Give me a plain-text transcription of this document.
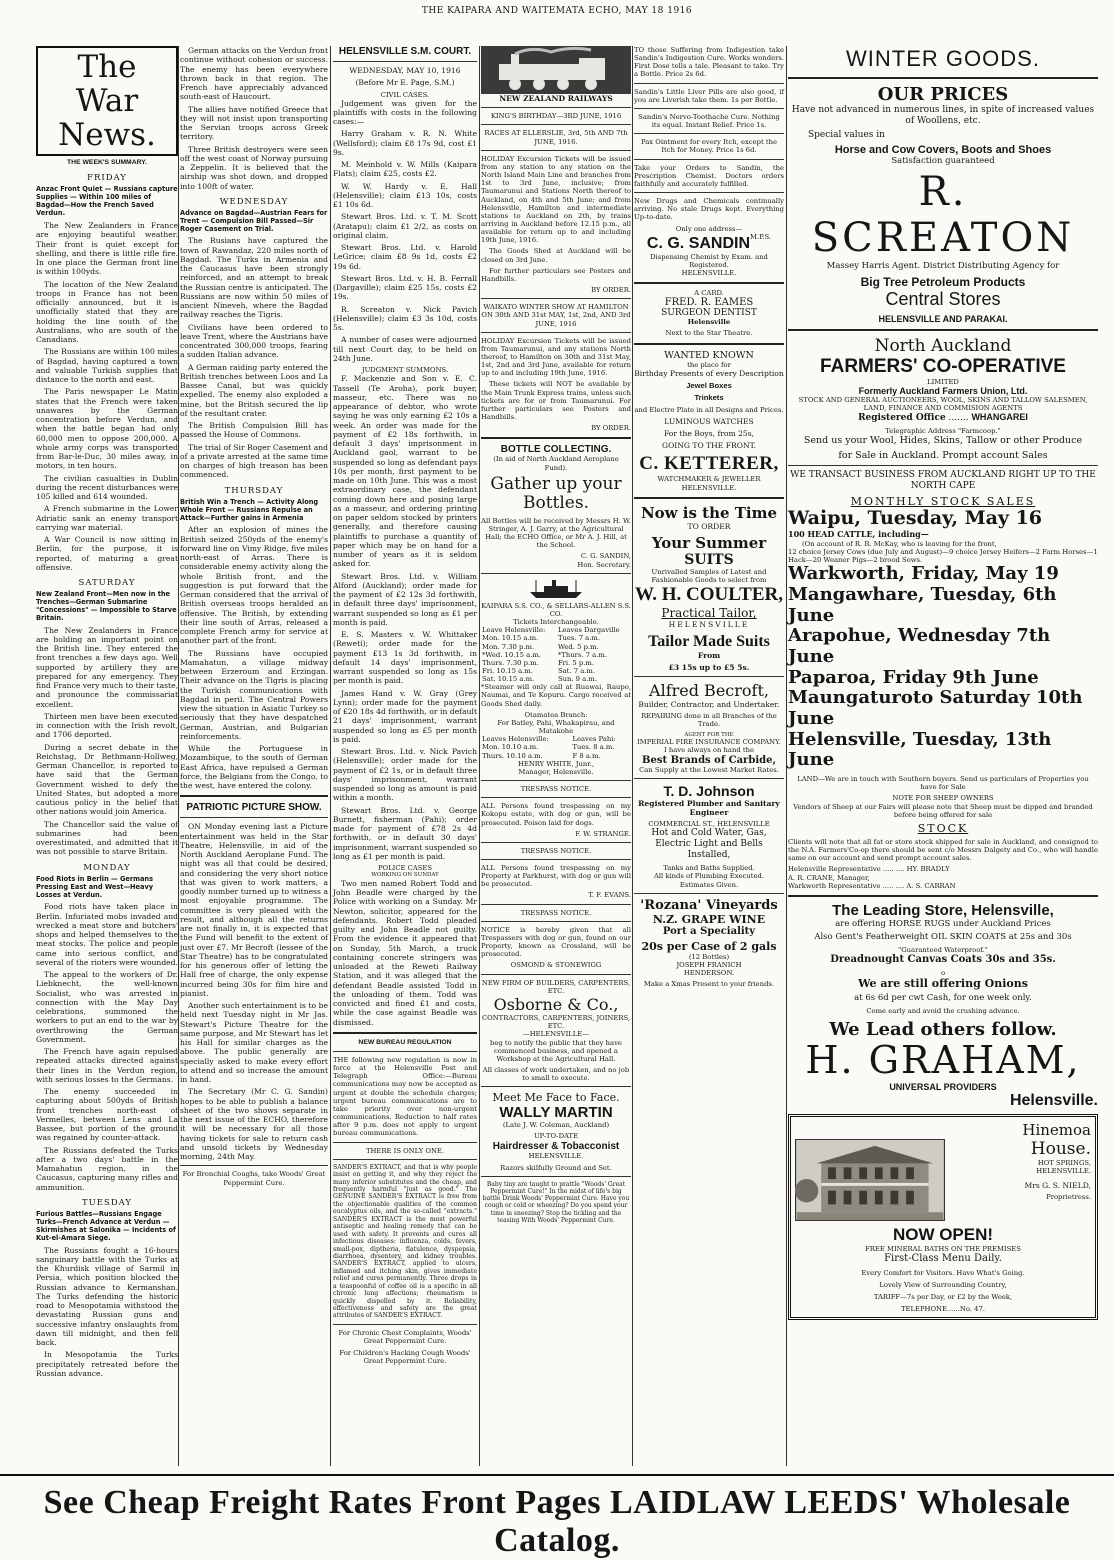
THE KAIPARA AND WAITEMATA ECHO, MAY 18 1916
The War News.
THE WEEK'S SUMMARY.
FRIDAY
Anzac Front Quiet — Russians capture Supplies — Within 100 miles of Bagdad—How the French Saved Verdun.

The New Zealanders in France are enjoying beautiful weather. Their front is quiet except for shelling, and there is little rifle fire. In one place the German front line is within 100yds.

The location of the New Zealand troops in France has not been officially announced, but it is unofficially stated that they are holding the line south of the Australians, who are south of the Canadians.

The Russians are within 100 miles of Bagdad, having captured a town and valuable Turkish supplies that distance to the north and east.

The Paris newspaper Le Matin states that the French were taken unawares by the German concentration before Verdun, and when the battle began had only 60,000 men to oppose 200,000. A whole army corps was transported from Bar-le-Duc, 30 miles away, in motors, in ten hours.

The civilian casualties in Dublin during the recent disturbances were 105 killed and 614 wounded.

A French submarine in the Lower Adriatic sank an enemy transport carrying war material.

A War Council is now sitting in Berlin, for the purpose, it is reported, of maturing a great offensive.

SATURDAY
New Zealand Front—Men now in the Trenches—German Submarine "Concessions" — Impossible to Starve Britain.

The New Zealanders in France are holding an important point on the British line. They entered the front trenches a few days ago. Well supported by artillery they are prepared for any emergency. They find France very much to their taste, and pronounce the commissariat excellent.

Thirteen men have been executed in connection with the Irish revolt, and 1706 deported.

During a secret debate in the Reichstag, Dr Bethmann-Hollweg, German Chancellor, is reported to have said that the German Government wished to defy the United States, but adopted a more cautious policy in the belief that other nations would join America.

The Chancellor said the value of submarines had been overestimated, and admitted that it was not possible to starve Britain.

MONDAY
Food Riots in Berlin — Germans Pressing East and West—Heavy Losses at Verdun.

Food riots have taken place in Berlin. Infuriated mobs invaded and wrecked a meat store and butchers' shops and helped themselves to the meat stocks. The police and people came into serious conflict, and several of the rioters were wounded.

The appeal to the workers of Dr. Liebknecht, the well-known Socialist, who was arrested in connection with the May Day celebrations, summoned the workers to put an end to the war by overthrowing the German Government.

The French have again repulsed repeated attacks directed against their lines in the Verdun region, with serious losses to the Germans.

The enemy succeeded in capturing about 500yds of British front trenches north-east of Vermelles, between Lens and La Bassee, but portion of the ground was regained by counter-attack.

The Russians defeated the Turks after a two days' battle in the Mamahatun region, in the Caucasus, capturing many rifles and ammunition.

TUESDAY
Furious Battles—Russians Engage Turks—French Advance at Verdun —Skirmishes at Salonika — Incidents of Kut-el-Amara Siege.

The Russians fought a 16-hours sanguinary battle with the Turks at the Khurdisk village of Sarmil in Persia, which position blocked the Russian advance to Kermanshan. The Turks defending the historic road to Mesopotamia withstood the devastating Russian guns and successive infantry onslaughts from dawn till midnight, and then fell back.

In Mesopotamia the Turks precipitately retreated before the Russian advance.

German attacks on the Verdun front continue without cohesion or success. The enemy has been everywhere thrown back in that region. The French have appreciably advanced south-east of Haucourt.

The allies have notified Greece that they will not insist upon transporting the Servian troops across Greek territory.

Three British destroyers were seen off the west coast of Norway pursuing a Zeppelin. It is believed that the airship was shot down, and dropped into 100ft of water.

WEDNESDAY
Advance on Bagdad—Austrian Fears for Trent — Compulsion Bill Passed—Sir Roger Casement on Trial.

The Rusians have captured the town of Rawandaz, 220 miles north of Bagdad. The Turks in Armenia and the Caucasus have been strongly reinforced, and an attempt to break the Russian centre is anticipated. The Russians are now within 50 miles of ancient Nineveh, where the Bagdad railway reaches the Tigris.

Civilians have been ordered to leave Trent, where the Austrians have concentrated 300,000 troops, fearing a sudden Italian advance.

A German raiding party entered the British trenches between Loos and La Bassee Canal, but was quickly expelled. The enemy also exploded a mine, but the British secured the lip of the resultant crater.

The British Compulsion Bill has passed the House of Commons.

The trial of Sir Roger Casement and of a private arrested at the same time on charges of high treason has been commenced.

THURSDAY
British Win a Trench — Activity Along Whole Front — Russians Repulse an Attack—Further gains in Armenia

After an explosion of mines the British seized 250yds of the enemy's forward line on Vimy Ridge, five miles north-east of Arras. There is considerable enemy activity along the whole British front, and the suggestion is put forward that the German considered that the arrival of British overseas troops heralded an offensive. The British, by extending their line south of Arras, released a complete French army for service at another part of the front.

The Russians have occupied Mamahatun, a village midway between Erzeroum and Erzingan. Their advance on the Tigris is placing the Turkish communications with Bagdad in peril. The Central Powers view the situation in Asiatic Turkey so seriously that they have despatched German, Austrian, and Bulgarian reinforcements.

While the Portuguese in Mozambique, to the south of German East Africa, have repulsed a German force, the Belgians from the Congo, to the west, have entered the colony.

PATRIOTIC PICTURE SHOW.

ON Monday evening last a Picture entertainment was held in the Star Theatre, Helensville, in aid of the North Auckland Aeroplane Fund. The night was all that could be desired, and considering the very short notice that was given to work matters, a goodly number turned up to witness a most enjoyable programme. The committee is very pleased with the result, and although all the returns are not finally in, it is expected that the Fund will benefit to the extent of just over £7. Mr Becroft (lessee of the Star Theatre) has to be congratulated for his generous offer of letting the Hall free of charge, the only expense incurred being 30s for film hire and pianist.

Another such entertainment is to be held next Tuesday night in Mr Jas. Stewart's Picture Theatre for the same purpose, and Mr Stewart has let his Hall for similar charges as the above. The public generally are specially asked to make every effort to attend and so increase the amount in hand.

The Secretary (Mr C. G. Sandin) hopes to be able to publish a balance sheet of the two shows separate in the next issue of the ECHO, therefore it will be necessary for all those having tickets for sale to return cash and unsold tickets by Wednesday morning, 24th May.

For Bronchial Coughs, take Woods' Great Peppermint Cure.
HELENSVILLE S.M. COURT.
WEDNESDAY, MAY 10, 1916
(Before Mr E. Page, S.M.)
CIVIL CASES.

Judgement was given for the plaintiffs with costs in the following cases:—

Harry Graham v. R. N. White (Wellsford); claim £8 17s 9d, cost £1 9s.

M. Meinhold v. W. Mills (Kaipara Flats); claim £25, costs £2.

W. W. Hardy v. E. Hall (Helensville); claim £13 10s, costs £1 10s 6d.

Stewart Bros. Ltd. v. T. M. Scott (Aratapu); claim £1 2/2, as costs on original claim.

Stewart Bros. Ltd. v. Harold LeGrice; claim £8 9s 1d, costs £2 19s 6d.

Stewart Bros. Ltd. v. H. B. Ferrall (Dargaville); claim £25 15s, costs £2 19s.

R. Screaton v. Nick Pavich (Helensville); claim £3 3s 10d, costs 5s.

A number of cases were adjourned till next Court day, to be held on 24th June.

JUDGMENT SUMMONS.

F. Mackenzie and Son v. E. C. Tassell (Te Aroha), pork buyer, masseur, etc. There was no appearance of debtor, who wrote saying he was only earning £2 10s a week. An order was made for the payment of £2 18s forthwith, in default 3 days' imprisonment in Auckland gaol, warrant to be suspended so long as defendant pays 10s per month, first payment to be made on 10th June. This was a most extraordinary case, the defendant coming down here and posing large as a masseur, and ordering printing on paper seldom stocked by printers generally, and therefore causing plaintiffs to purchase a quantity of paper which may be on hand for a number of years as it is seldom asked for.

Stewart Bros. Ltd. v. William Alford (Auckland); order made for the payment of £2 12s 3d forthwith, in default three days' imprisonment, warrant suspended so long as £1 per month is paid.

E. S. Masters v. W. Whittaker (Reweti); order made for the payment £13 1s 3d forthwith, in default 14 days' imprisonment, warrant suspended so long as 15s per month is paid.

James Hand v. W. Gray (Grey Lynn); order made for the payment of £20 18s 4d forthwith, or in default 21 days' imprisonment, warrant suspended so long as £5 per month is paid.

Stewart Bros. Ltd. v. Nick Pavich (Helensville); order made for the payment of £2 1s, or in default three days' imprisonment, warrant suspended so long as amount is paid within a month.

Stewart Bros. Ltd. v. George Burnett, fisherman (Pahi); order made for payment of £78 2s 4d forthwith, or in default 30 days' imprisonment, warrant suspended so long as £1 per month is paid.

POLICE CASES
WORKING ON SUNDAY

Two men named Robert Todd and John Beadle were charged by the Police with working on a Sunday. Mr Newton, solicitor, appeared for the defendants. Robert Todd pleaded guilty and John Beadle not guilty. From the evidence it appeared that on Sunday, 5th March, a truck containing concrete stringers was unloaded at the Reweti Railway Station, and it was alleged that the defendant Beadle assisted Todd in the unloading of them. Todd was convicted and fined £1 and costs, while the case against Beadle was dismissed.

NEW BUREAU REGULATION

THE following new regulation is now in force at the Helensville Post and Telegraph Office:—Bureau communications may now be accepted as urgent at double the schedule charges; urgent bureau communications are to take priority over non-urgent communications. Reduction to half rates after 9 p.m. does not apply to urgent bureau communications.

THERE IS ONLY ONE.

SANDER'S EXTRACT, and that is why people insist on getting it, and why they reject the many inferior substitutes and the cheap, and frequently harmful "just as good." The GENUINE SANDER'S EXTRACT is free from the objectionable qualities of the common eucalyptus oils, and the so-called "extracts." SANDER'S EXTRACT is the most powerful antiseptic and healing remedy that can be used with safety. It prevents and cures all infectious diseases: influenza, colds, fevers, small-pox, diptheria, flatulence, dyspepsia, diarrhoea, dysentery, and kidney troubles. SANDER'S EXTRACT, applied to ulcers, inflamed and itching skin, gives immediate relief and cures permanently. Three drops in a teaspoonful of coffee oil is a specific in all chronic lung affections; rheumatism is quickly dispelled by it. Reliability, effectiveness and safety are the great attributes of SANDER'S EXTRACT.

For Chronic Chest Complaints, Woods' Great Peppermint Cure.
For Children's Hacking Cough Woods' Great Peppermint Cure.
NEW ZEALAND RAILWAYS
KING'S BIRTHDAY—3RD JUNE, 1916
RACES AT ELLERSLIE, 3rd, 5th AND 7th JUNE, 1916.

HOLIDAY Excursion Tickets will be issued from any station to any station on the North Island Main Line and branches from 1st to 3rd June, inclusive; from Taumarunui and Stations North thereof to Auckland, on 4th and 5th June; and from Helensville, Hamilton and intermediate stations to Auckland on 2th, by trains arriving in Auckland before 12.15 p.m., all available for return up to and including 19th June, 1916.

The Goods Shed at Auckland will be closed on 3rd June.

For further particulars see Posters and Handbills.

BY ORDER.
WAIKATO WINTER SHOW AT HAMILTON ON 30th AND 31st MAY, 1st, 2nd, AND 3rd JUNE, 1916

HOLIDAY Excursion Tickets will be issued from Taumarunui, and any stations North thereof, to Hamilton on 30th and 31st May, 1st, 2nd and 3rd June, available for return up to and including 19th June, 1916.

These tickets will NOT be available by the Main Trunk Express trains, unless such tickets are for or from Taumarunui. For further particulars see Posters and Handbills.

BY ORDER.
BOTTLE COLLECTING.
(In aid of North Auckland Aeroplane Fund).
Gather up your Bottles.

All Bottles will be received by Messrs H. W. Stringer, A. J. Garry, at the Agricultural Hall; the ECHO Office, or Mr A. J. Hill, at the School.

C. G. SANDIN,
Hon. Secretary.
KAIPARA S.S. CO., & SELLARS-ALLEN S.S. CO.
Tickets Interchangeable.
Leave Helensville:	Leaves Dargaville
Mon. 10.15 a.m.	Tues. 7 a.m.
Mon. 7.30 p.m.	Wed. 5 p.m.
*Wed. 10.15 a.m.	*Thurs. 7 a.m.
Thurs. 7.30 p.m.	Fri. 5 p.m.
Fri. 10.15 a.m.	Sat. 7 a.m.
Sat. 10.15 a.m.	Sun. 9 a.m.

*Steamer will only call at Ruawai, Raupo, Naumai, and Te Kopuru. Cargo received at Goods Shed daily.

Otamatea Branch:
For Batley, Pahi, Whakapirau, and Matakohe
Leaves Helensville:	Leaves Pahi:
Mon. 10.10 a.m.	Tues. 8 a.m.
Thurs. 10.10 a.m.	F 8 a.m.
HENRY WHITE, Junr.,
Manager, Helensville.
TRESPASS NOTICE.

ALL Persons found trespassing on my Kokopu estate, with dog or gun, will be prosecuted. Poison laid for dogs.

F. W. STRANGE.
TRESPASS NOTICE.

ALL Persons found trespassing on my Property at Parkhurst, with dog or gun will be prosecuted.

T. F. EVANS.
TRESPASS NOTICE.

NOTICE is hereby given that all Trespassers with dog or gun, found on our Property, known as Crossland, will be prosecuted.

OSMOND & STONEWIGG
NEW FIRM OF BUILDERS, CARPENTERS, ETC.
Osborne & Co.,
CONTRACTORS, CARPENTERS, JOINERS, ETC.
—HELENSVILLE—

beg to notify the public that they have commenced business, and opened a Workshop at the Agricultural Hall.

All classes of work undertaken, and no job to small to execute.

Meet Me Face to Face.
WALLY MARTIN
(Late J. W. Coleman, Auckland)
UP-TO-DATE
Hairdresser & Tobacconist
HELENSVILLE.
Razors skilfully Ground and Set.

Baby tiny are taught to prattle "Woods' Great Peppermint Cure!" In the midst of life's big battle Drink Woods' Peppermint Cure. Have you cough or cold or wheezing? Do you spend your time in sneezing? Stop the tickling and the teasing With Woods' Peppermint Cure.

TO those Suffering from Indigestion take Sandin's Indigestion Cure. Works wonders. First Dose tells a tale. Pleasant to take. Try a Bottle. Price 2s 6d.

Sandin's Little Liver Pills are also good, if you are Liverish take them. 1s per Bottle.

Sandin's Nervo-Toothache Cure. Nothing its equal. Instant Relief. Price 1s.

Pax Ointment for every Itch, except the Itch for Money. Price 1s 6d.

Take your Orders to Sandin, the Prescription Chemist. Doctors orders faithfully and accurately fulfilled.

New Drugs and Chemicals continually arriving. No stale Drugs kept. Everything Up-to-date.

Only one address—
C. G. $SANDIN^{M.P.S.}$
Dispensing Chemist by Exam. and Registered.
HELENSVILLE.
A CARD.
FRED. R. EAMES
SURGEON DENTIST
Helensville
Next to the Star Theatre.
WANTED KNOWN
the place for
Birthday Presents of every Description
Jewel Boxes
Trinkets
and Electro Plate in all Designs and Prices.
LUMINOUS WATCHES
For the Boys, from 25s,
GOING TO THE FRONT.
C. KETTERER,
WATCHMAKER & JEWELLER
HELENSVILLE.
Now is the Time
TO ORDER
Your Summer
SUITS
Unrivalled Samples of Latest and Fashionable Goods to select from
W. H. COULTER,
Practical Tailor,
HELENSVILLE
Tailor Made Suits
From
£3 15s up to £5 5s.
Alfred Becroft,
Builder, Contractor, and Undertaker.
REPAIRING done in all Branches of the Trade.
AGENT FOR THE
IMPERIAL FIRE INSURANCE COMPANY.
I have always on hand the
Best Brands of Carbide,
Can Supply at the Lowest Market Rates.
T. D. Johnson
Registered Plumber and Sanitary Engineer
COMMERCIAL ST., HELENSVILLE
Hot and Cold Water, Gas, Electric Light and Bells Installed,
Tanks and Baths Supplied.
All kinds of Plumbing Executed.
Estimates Given.
'Rozana' Vineyards
N.Z. GRAPE WINE
Port a Speciality
20s per Case of 2 gals
(12 Bottles)
JOSEPH FRANICH
HENDERSON.
Make a Xmas Present to your friends.
WINTER GOODS.
OUR PRICES
Have not advanced in numerous lines, in spite of increased values of Woollens, etc.
Special values in
Horse and Cow Covers, Boots and Shoes
Satisfaction guaranteed
R. SCREATON
Massey Harris Agent. District Distributing Agency for
Big Tree Petroleum Products
Central Stores
HELENSVILLE AND PARAKAI.
North Auckland
FARMERS' CO-OPERATIVE
LIMITED
Formerly Auckland Farmers Union, Ltd.
STOCK AND GENERAL AUCTIONEERS, WOOL, SKINS AND TALLOW SALESMEN, LAND, FINANCE AND COMMISION AGENTS
Registered Office ....... WHANGAREI
Telegraphic Address "Farmcoop."
Send us your Wool, Hides, Skins, Tallow or other Produce
for Sale in Auckland. Prompt account Sales
WE TRANSACT BUSINESS FROM AUCKLAND RIGHT UP TO THE NORTH CAPE
MONTHLY STOCK SALES
Waipu, Tuesday, May 16
100 HEAD CATTLE, including—
(On account of R. R. McKay, who is leaving for the front,
12 choice Jersey Cows (due July and August)—9 choice Jersey Heifers—2 Farm Horses—1 Hack—20 Weaner Pigs—2 brood Sows.
Warkworth, Friday, May 19
Mangawhare, Tuesday, 6th June
Arapohue, Wednesday 7th June
Paparoa, Friday 9th June
Maungaturoto Saturday 10th June
Helensville, Tuesday, 13th June
LAND—We are in touch with Southern buyers. Send us particulars of Properties you have for Sale
NOTE FOR SHEEP OWNERS
Vendors of Sheep at our Fairs will please note that Sheep must be dipped and branded before being offered for sale
STOCK
Clients will note that all fat or store stock shipped for sale in Auckland, and consigned to the N.A. Farmers'Co-op there should be sent c/o Messrs Dalgety and Co., who will handle same on our account and send prompt account sales.
Helensville Representative ..... .... HY. BRADLY
A. R. CRANE, Manager,
Warkworth Representative ..... .... A. S. CARRAN
The Leading Store, Helensville,
are offering HORSE RUGS under Auckland Prices
Also Gent's Featherweight OIL SKIN COATS at 25s and 30s
"Guaranteed Waterproof."
Dreadnought Canvas Coats 30s and 35s.
o
We are still offering Onions
at 6s 6d per cwt Cash, for one week only.
Come early and avoid the crushing advance.
We Lead others follow.
H. GRAHAM,
UNIVERSAL PROVIDERS
Helensville.
Hinemoa
House.
HOT SPRINGS,
HELENSVILLE.
Mrs G. S. NIELD,
Proprietress.
NOW OPEN!
FREE MINERAL BATHS ON THE PREMISES
First-Class Menu Daily.
Every Comfort for Visitors. Have What's Going.
Lovely View of Surrounding Country,
TARIFF—7s per Day, or £2 by the Week,
TELEPHONE......No. 47.
See Cheap Freight Rates Front Pages LAIDLAW LEEDS' Wholesale Catalog.
